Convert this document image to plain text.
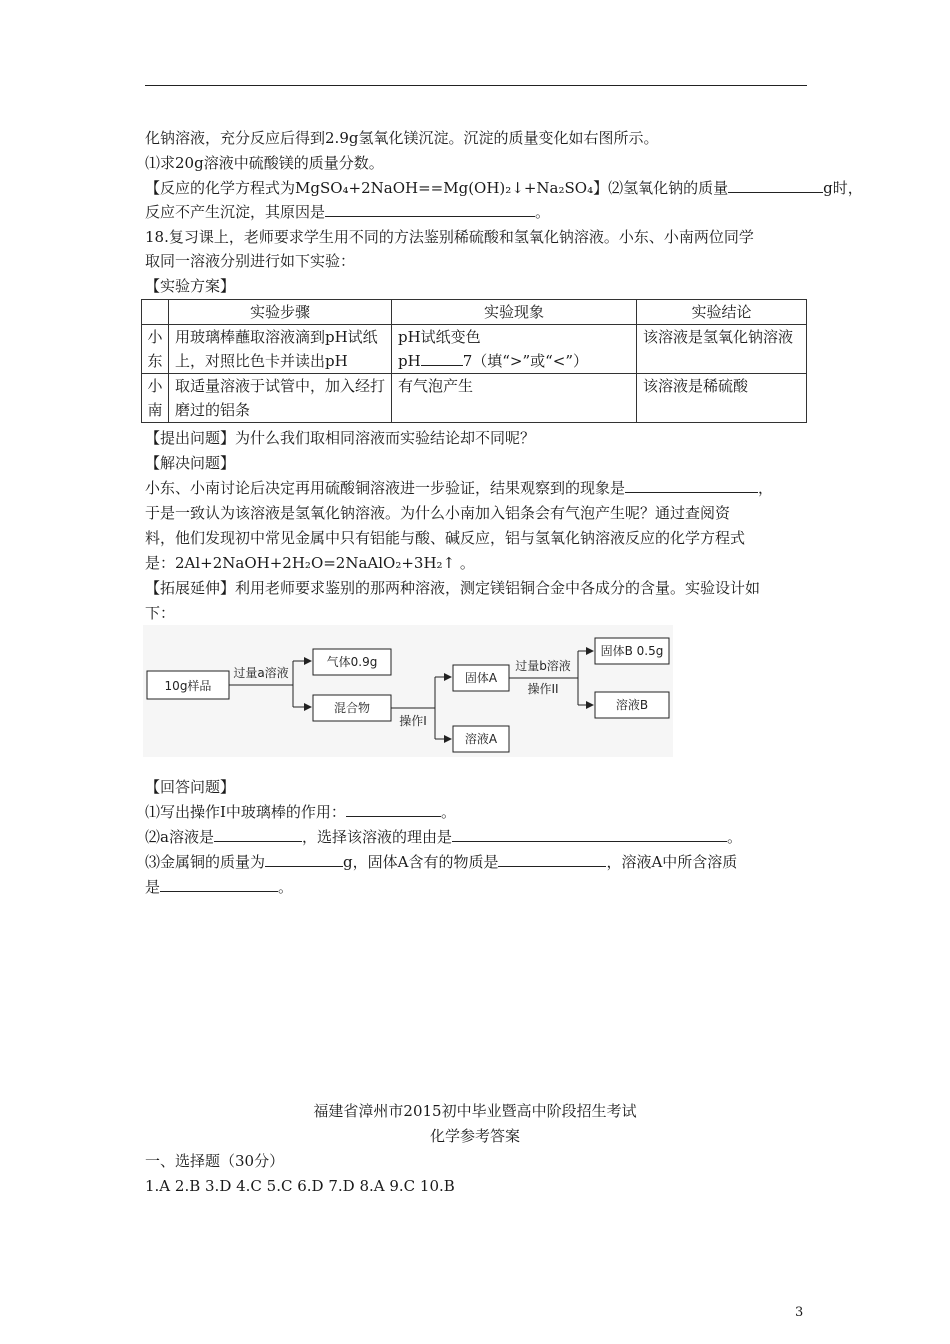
化钠溶液，充分反应后得到2.9g氢氧化镁沉淀。沉淀的质量变化如右图所示。
⑴求20g溶液中硫酸镁的质量分数。
【反应的化学方程式为MgSO₄+2NaOH==Mg(OH)₂↓+Na₂SO₄】⑵氢氧化钠的质量	g时，
反应不产生沉淀，其原因是	。
18.复习课上，老师要求学生用不同的方法鉴别稀硫酸和氢氧化钠溶液。小东、小南两位同学
取同一溶液分别进行如下实验：
【实验方案】
	实验步骤	实验现象	实验结论
小东	用玻璃棒蘸取溶液滴到pH试纸上，对照比色卡并读出pH	pH试纸变色
pH 7（填“>”或“<”）	该溶液是氢氧化钠溶液
小南	取适量溶液于试管中，加入经打磨过的铝条	有气泡产生	该溶液是稀硫酸
【提出问题】为什么我们取相同溶液而实验结论却不同呢？
【解决问题】
小东、小南讨论后决定再用硫酸铜溶液进一步验证，结果观察到的现象是	，
于是一致认为该溶液是氢氧化钠溶液。为什么小南加入铝条会有气泡产生呢？通过查阅资
料，他们发现初中常见金属中只有铝能与酸、碱反应，铝与氢氧化钠溶液反应的化学方程式
是：2Al+2NaOH+2H₂O=2NaAlO₂+3H₂↑ 。
【拓展延伸】利用老师要求鉴别的那两种溶液，测定镁铝铜合金中各成分的含量。实验设计如
下：
10g样品
过量a溶液
气体0.9g
混合物
操作I
固体A
溶液A
过量b溶液
操作II
固体B 0.5g
溶液B
【回答问题】
⑴写出操作I中玻璃棒的作用：	。
⑵a溶液是	，选择该溶液的理由是	。
⑶金属铜的质量为	g，固体A含有的物质是	，溶液A中所含溶质
是	。
福建省漳州市2015初中毕业暨高中阶段招生考试
化学参考答案
一、选择题（30分）
1.A 2.B 3.D 4.C 5.C 6.D 7.D 8.A 9.C 10.B
3
